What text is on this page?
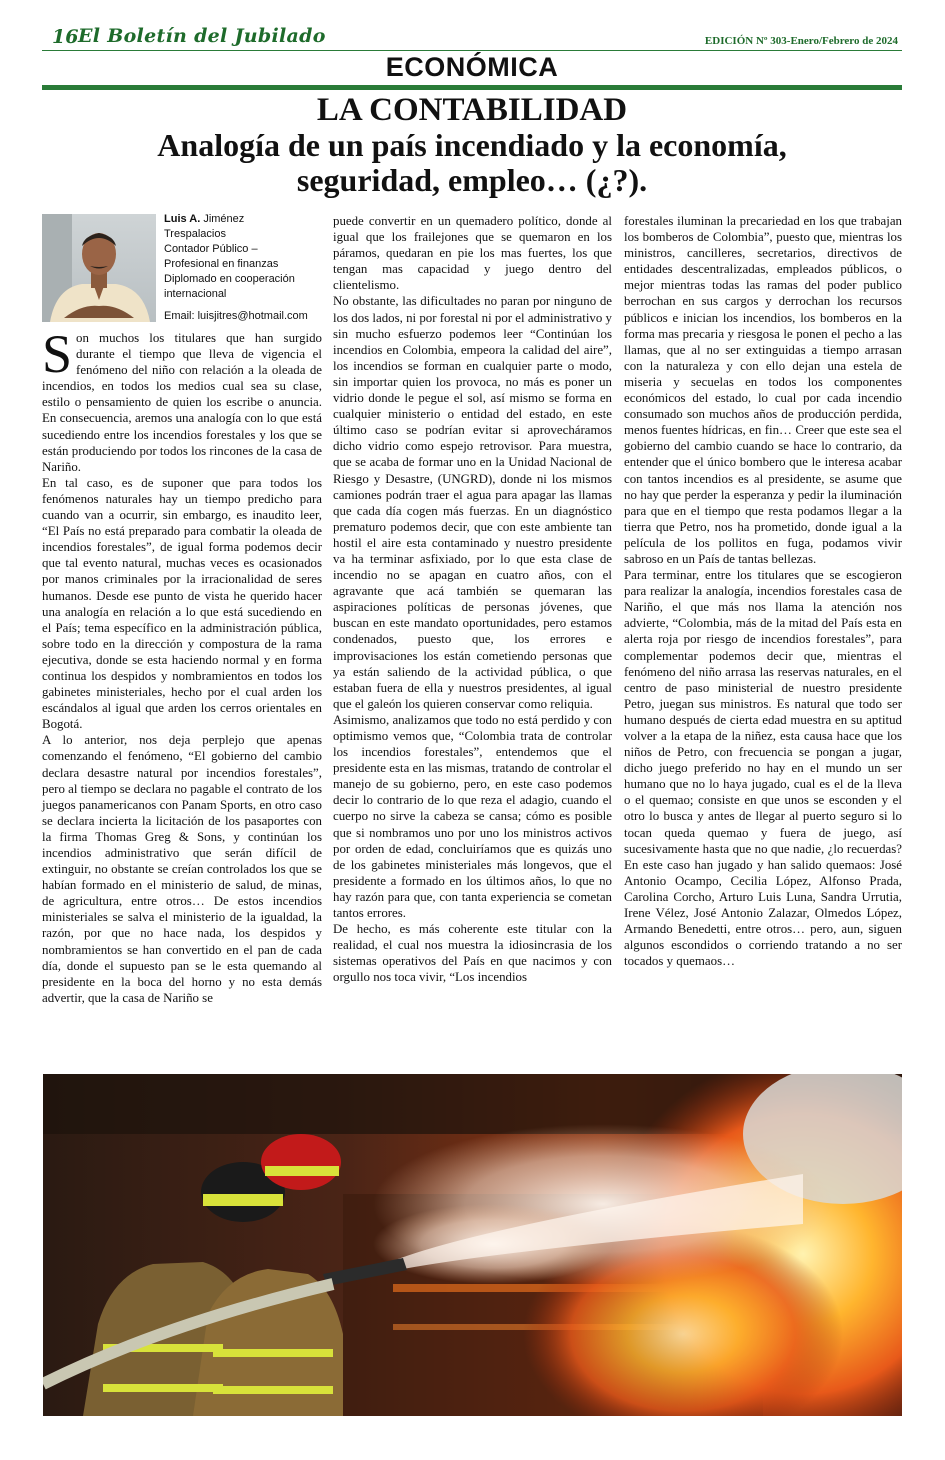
16 El Boletín del Jubilado	EDICIÓN Nº 303-Enero/Febrero de 2024
ECONÓMICA
LA CONTABILIDAD
Analogía de un país incendiado y la economía,
seguridad, empleo… (¿?).
Luis A. Jiménez
Trespalacios
Contador Público –
Profesional en finanzas
Diplomado en cooperación
internacional
Email: luisjitres@hotmail.com

Son muchos los titulares que han surgido durante el tiempo que lleva de vigencia el fenómeno del niño con relación a la oleada de incendios, en todos los medios cual sea su clase, estilo o pensamiento de quien los escribe o anuncia. En consecuencia, aremos una analogía con lo que está sucediendo entre los incendios forestales y los que se están produciendo por todos los rincones de la casa de Nariño.

En tal caso, es de suponer que para todos los fenómenos naturales hay un tiempo predicho para cuando van a ocurrir, sin embargo, es inaudito leer, “El País no está preparado para combatir la oleada de incendios forestales”, de igual forma podemos decir que tal evento natural, muchas veces es ocasionados por manos criminales por la irracionalidad de seres humanos. Desde ese punto de vista he querido hacer una analogía en relación a lo que está sucediendo en el País; tema específico en la administración pública, sobre todo en la dirección y compostura de la rama ejecutiva, donde se esta haciendo normal y en forma continua los despidos y nombramientos en todos los gabinetes ministeriales, hecho por el cual arden los escándalos al igual que arden los cerros orientales en Bogotá.

A lo anterior, nos deja perplejo que apenas comenzando el fenómeno, “El gobierno del cambio declara desastre natural por incendios forestales”, pero al tiempo se declara no pagable el contrato de los juegos panamericanos con Panam Sports, en otro caso se declara incierta la licitación de los pasaportes con la firma Thomas Greg & Sons, y continúan los incendios administrativo que serán difícil de extinguir, no obstante se creían controlados los que se habían formado en el ministerio de salud, de minas, de agricultura, entre otros… De estos incendios ministeriales se salva el ministerio de la igualdad, la razón, por que no hace nada, los despidos y nombramientos se han convertido en el pan de cada día, donde el supuesto pan se le esta quemando al presidente en la boca del horno y no esta demás advertir, que la casa de Nariño se

puede convertir en un quemadero político, donde al igual que los frailejones que se quemaron en los páramos, quedaran en pie los mas fuertes, los que tengan mas capacidad y juego dentro del clientelismo.

No obstante, las dificultades no paran por ninguno de los dos lados, ni por forestal ni por el administrativo y sin mucho esfuerzo podemos leer “Continúan los incendios en Colombia, empeora la calidad del aire”, los incendios se forman en cualquier parte o modo, sin importar quien los provoca, no más es poner un vidrio donde le pegue el sol, así mismo se forma en cualquier ministerio o entidad del estado, en este último caso se podrían evitar si aprovecháramos dicho vidrio como espejo retrovisor. Para muestra, que se acaba de formar uno en la Unidad Nacional de Riesgo y Desastre, (UNGRD), donde ni los mismos camiones podrán traer el agua para apagar las llamas que cada día cogen más fuerzas. En un diagnóstico prematuro podemos decir, que con este ambiente tan hostil el aire esta contaminado y nuestro presidente va ha terminar asfixiado, por lo que esta clase de incendio no se apagan en cuatro años, con el agravante que acá también se quemaran las aspiraciones políticas de personas jóvenes, que buscan en este mandato oportunidades, pero estamos condenados, puesto que, los errores e improvisaciones los están cometiendo personas que ya están saliendo de la actividad pública, o que estaban fuera de ella y nuestros presidentes, al igual que el galeón los quieren conservar como reliquia.

Asimismo, analizamos que todo no está perdido y con optimismo vemos que, “Colombia trata de controlar los incendios forestales”, entendemos que el presidente esta en las mismas, tratando de controlar el manejo de su gobierno, pero, en este caso podemos decir lo contrario de lo que reza el adagio, cuando el cuerpo no sirve la cabeza se cansa; cómo es posible que si nombramos uno por uno los ministros activos por orden de edad, concluiríamos que es quizás uno de los gabinetes ministeriales más longevos, que el presidente a formado en los últimos años, lo que no hay razón para que, con tanta experiencia se cometan tantos errores.

De hecho, es más coherente este titular con la realidad, el cual nos muestra la idiosincrasia de los sistemas operativos del País en que nacimos y con orgullo nos toca vivir, “Los incendios

forestales iluminan la precariedad en los que trabajan los bomberos de Colombia”, puesto que, mientras los ministros, cancilleres, secretarios, directivos de entidades descentralizadas, empleados públicos, o mejor mientras todas las ramas del poder publico berrochan en sus cargos y derrochan los recursos públicos e inician los incendios, los bomberos en la forma mas precaria y riesgosa le ponen el pecho a las llamas, que al no ser extinguidas a tiempo arrasan con la naturaleza y con ello dejan una estela de miseria y secuelas en todos los componentes económicos del estado, lo cual por cada incendio consumado son muchos años de producción perdida, menos fuentes hídricas, en fin… Creer que este sea el gobierno del cambio cuando se hace lo contrario, da entender que el único bombero que le interesa acabar con tantos incendios es al presidente, se asume que no hay que perder la esperanza y pedir la iluminación para que en el tiempo que resta podamos llegar a la tierra que Petro, nos ha prometido, donde igual a la película de los pollitos en fuga, podamos vivir sabroso en un País de tantas bellezas.

Para terminar, entre los titulares que se escogieron para realizar la analogía, incendios forestales casa de Nariño, el que más nos llama la atención nos advierte, “Colombia, más de la mitad del País esta en alerta roja por riesgo de incendios forestales”, para complementar podemos decir que, mientras el fenómeno del niño arrasa las reservas naturales, en el centro de paso ministerial de nuestro presidente Petro, juegan sus ministros. Es natural que todo ser humano después de cierta edad muestra en su aptitud volver a la etapa de la niñez, esta causa hace que los niños de Petro, con frecuencia se pongan a jugar, dicho juego preferido no hay en el mundo un ser humano que no lo haya jugado, cual es el de la lleva o el quemao; consiste en que unos se esconden y el otro lo busca y antes de llegar al puerto seguro si lo tocan queda quemao y fuera de juego, así sucesivamente hasta que no que nadie, ¿lo recuerdas? En este caso han jugado y han salido quemaos: José Antonio Ocampo, Cecilia López, Alfonso Prada, Carolina Corcho, Arturo Luis Luna, Sandra Urrutia, Irene Vélez, José Antonio Zalazar, Olmedos López, Armando Benedetti, entre otros… pero, aun, siguen algunos escondidos o corriendo tratando a no ser tocados y quemaos…
